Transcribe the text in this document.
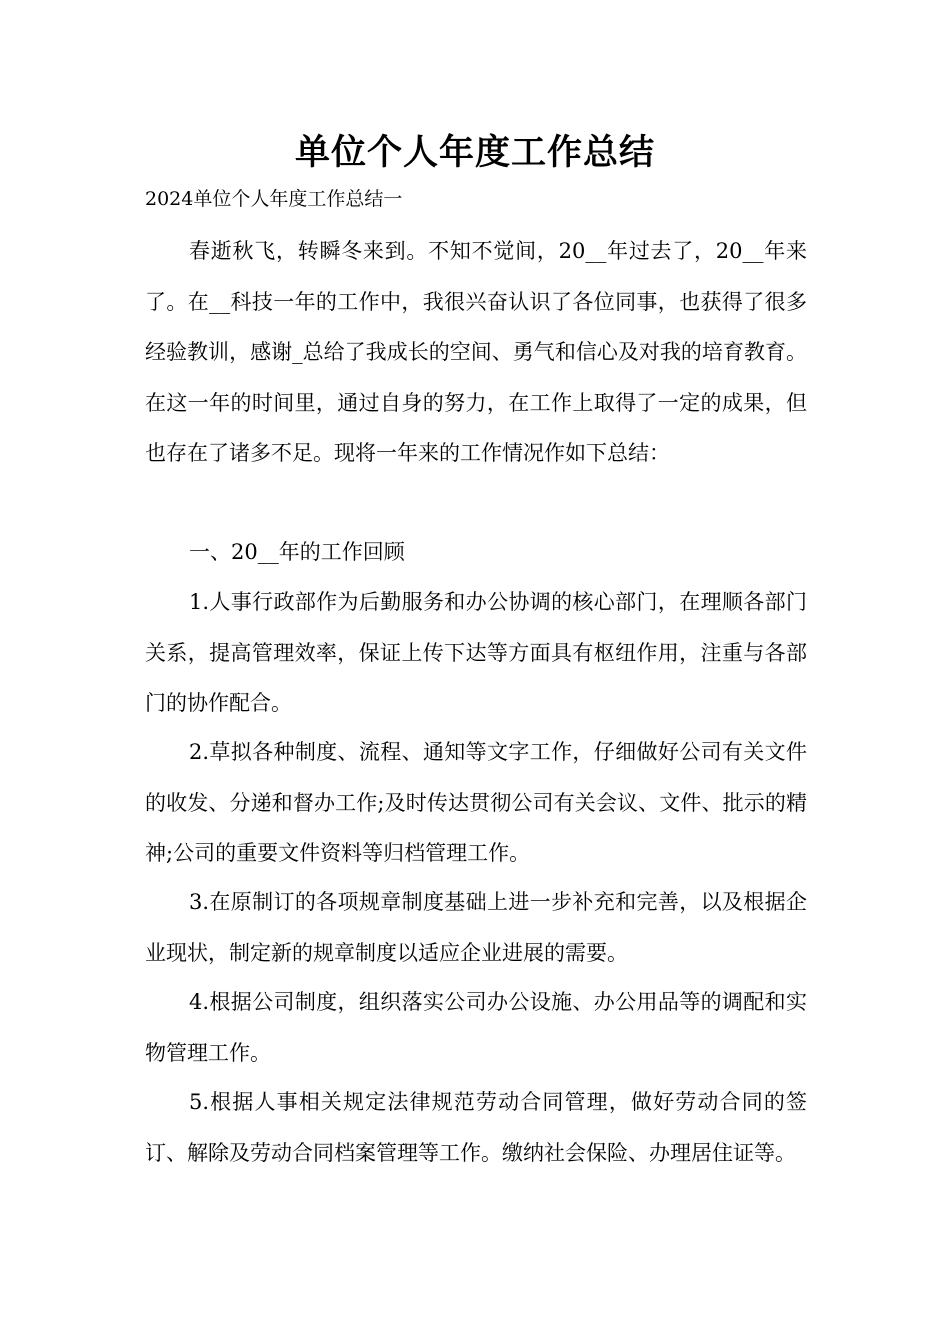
单位个人年度工作总结
2024单位个人年度工作总结一

春逝秋飞，转瞬冬来到。不知不觉间，20__年过去了，20__年来了。在__科技一年的工作中，我很兴奋认识了各位同事，也获得了很多经验教训，感谢_总给了我成长的空间、勇气和信心及对我的培育教育。在这一年的时间里，通过自身的努力，在工作上取得了一定的成果，但也存在了诸多不足。现将一年来的工作情况作如下总结：

一、20__年的工作回顾

1.人事行政部作为后勤服务和办公协调的核心部门，在理顺各部门关系，提高管理效率，保证上传下达等方面具有枢纽作用，注重与各部门的协作配合。

2.草拟各种制度、流程、通知等文字工作，仔细做好公司有关文件的收发、分递和督办工作;及时传达贯彻公司有关会议、文件、批示的精神;公司的重要文件资料等归档管理工作。

3.在原制订的各项规章制度基础上进一步补充和完善，以及根据企业现状，制定新的规章制度以适应企业进展的需要。

4.根据公司制度，组织落实公司办公设施、办公用品等的调配和实物管理工作。

5.根据人事相关规定法律规范劳动合同管理，做好劳动合同的签订、解除及劳动合同档案管理等工作。缴纳社会保险、办理居住证等。
